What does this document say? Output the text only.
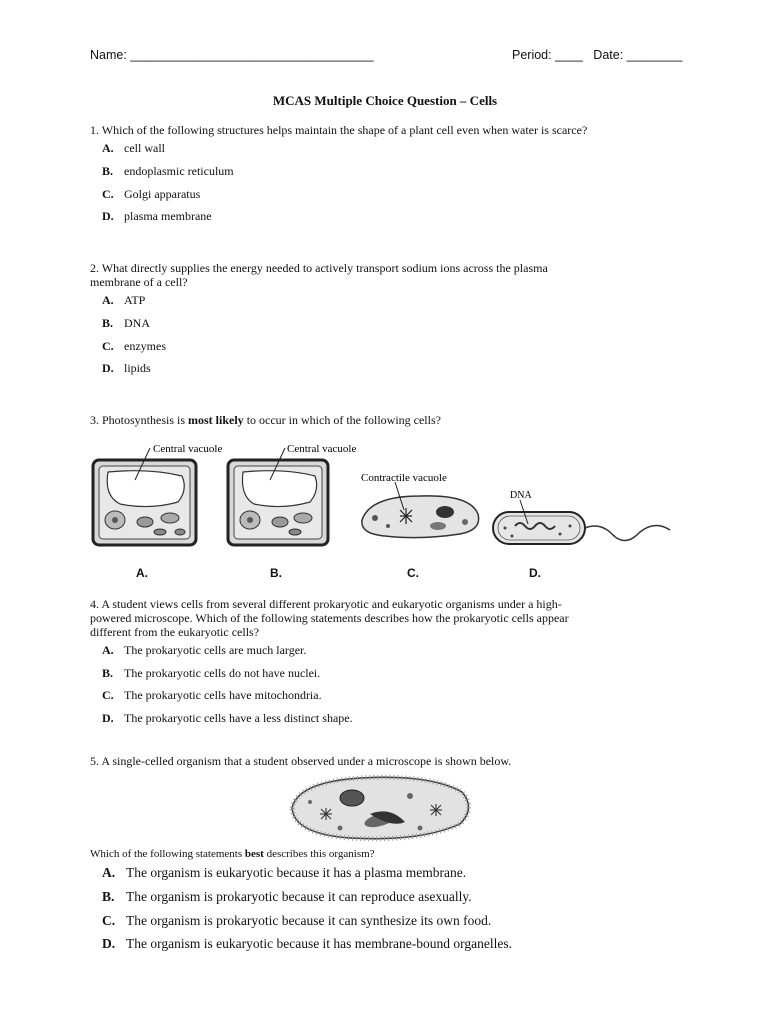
Name: ___________________________________	Period: ____   Date: ________
MCAS Multiple Choice Question – Cells
1. Which of the following structures helps maintain the shape of a plant cell even when water is scarce?
A. cell wall
B. endoplasmic reticulum
C. Golgi apparatus
D. plasma membrane
2. What directly supplies the energy needed to actively transport sodium ions across the plasma
membrane of a cell?
A. ATP
B. DNA
C. enzymes
D. lipids
3. Photosynthesis is most likely to occur in which of the following cells?
Central vacuole	Central vacuole
Contractile vacuole
DNA
A.	B.	C.	D.
4. A student views cells from several different prokaryotic and eukaryotic organisms under a high-
powered microscope. Which of the following statements describes how the prokaryotic cells appear
different from the eukaryotic cells?
A. The prokaryotic cells are much larger.
B. The prokaryotic cells do not have nuclei.
C. The prokaryotic cells have mitochondria.
D. The prokaryotic cells have a less distinct shape.
5. A single-celled organism that a student observed under a microscope is shown below.
Which of the following statements best describes this organism?
A. The organism is eukaryotic because it has a plasma membrane.
B. The organism is prokaryotic because it can reproduce asexually.
C. The organism is prokaryotic because it can synthesize its own food.
D. The organism is eukaryotic because it has membrane-bound organelles.
